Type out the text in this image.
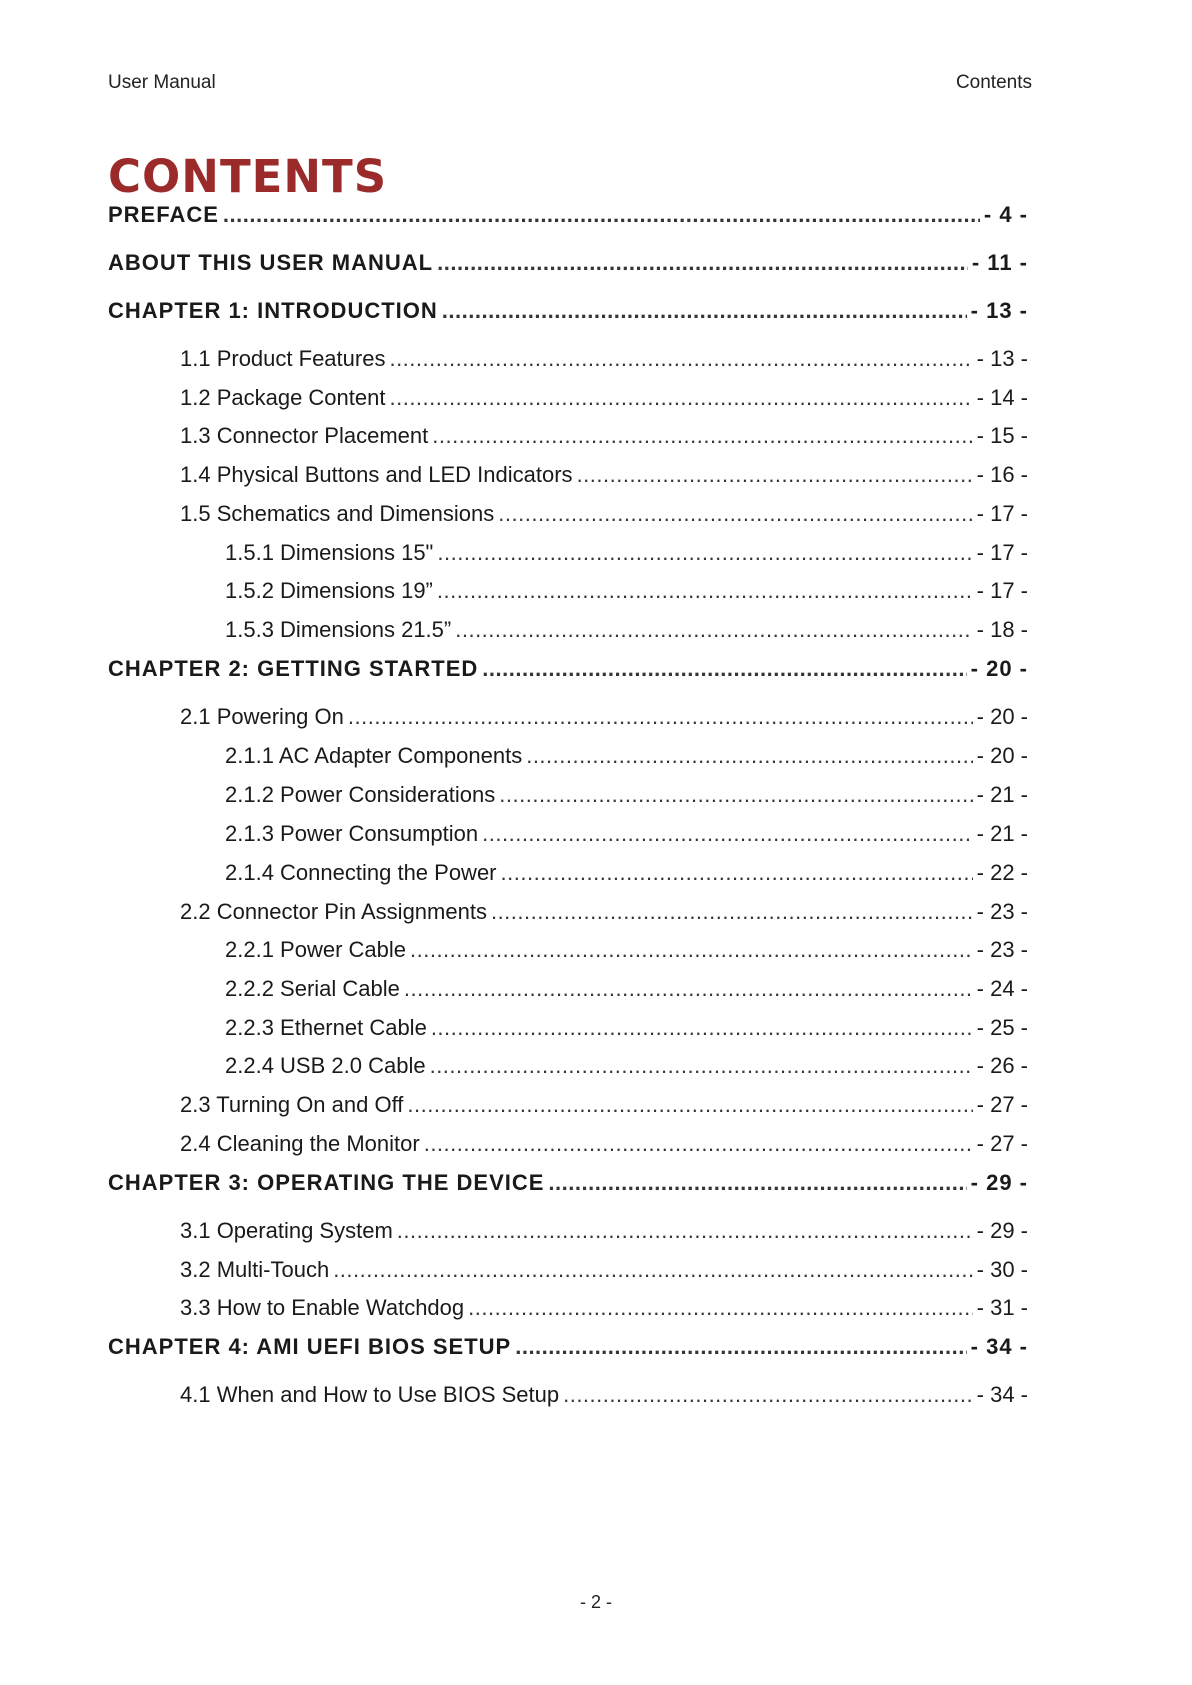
User Manual	Contents
CONTENTS
PREFACE .....	- 4 -
ABOUT THIS USER MANUAL .....	- 11 -
CHAPTER 1: INTRODUCTION .....	- 13 -
1.1 Product Features .....	- 13 -
1.2 Package Content .....	- 14 -
1.3 Connector Placement .....	- 15 -
1.4 Physical Buttons and LED Indicators .....	- 16 -
1.5 Schematics and Dimensions .....	- 17 -
1.5.1 Dimensions 15" .....	- 17 -
1.5.2 Dimensions 19” .....	- 17 -
1.5.3 Dimensions 21.5” .....	- 18 -
CHAPTER 2: GETTING STARTED .....	- 20 -
2.1 Powering On .....	- 20 -
2.1.1 AC Adapter Components .....	- 20 -
2.1.2 Power Considerations .....	- 21 -
2.1.3 Power Consumption .....	- 21 -
2.1.4 Connecting the Power .....	- 22 -
2.2 Connector Pin Assignments .....	- 23 -
2.2.1 Power Cable .....	- 23 -
2.2.2 Serial Cable .....	- 24 -
2.2.3 Ethernet Cable .....	- 25 -
2.2.4 USB 2.0 Cable .....	- 26 -
2.3 Turning On and Off .....	- 27 -
2.4 Cleaning the Monitor .....	- 27 -
CHAPTER 3: OPERATING THE DEVICE .....	- 29 -
3.1 Operating System .....	- 29 -
3.2 Multi-Touch .....	- 30 -
3.3 How to Enable Watchdog .....	- 31 -
CHAPTER 4: AMI UEFI BIOS SETUP .....	- 34 -
4.1 When and How to Use BIOS Setup .....	- 34 -
- 2 -
